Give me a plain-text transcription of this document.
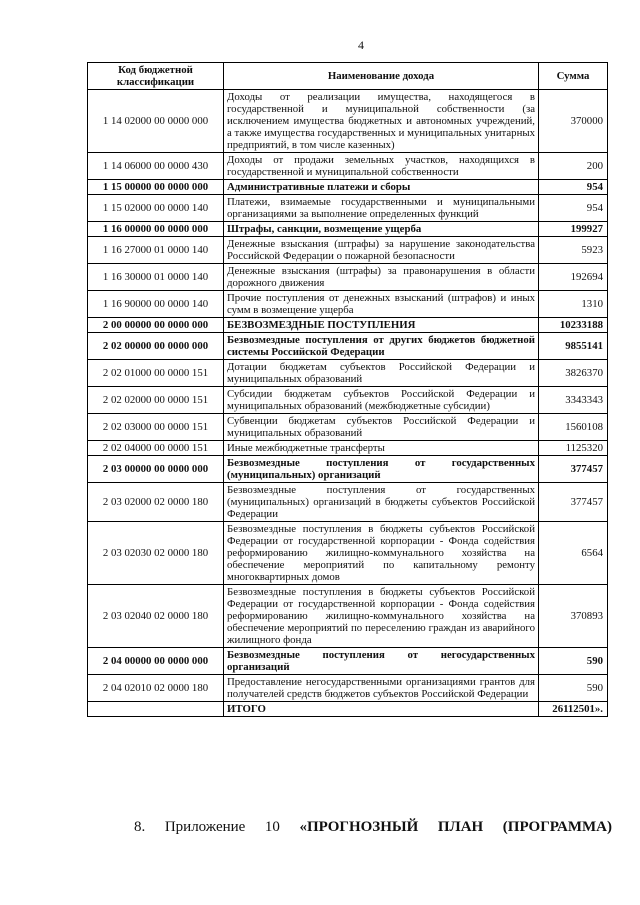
4
Код бюджетной классификации	Наименование дохода	Сумма
1 14 02000 00 0000 000	Доходы от реализации имущества, находящегося в государственной и муниципальной собственности (за исключением имущества бюджетных и автономных учреждений, а также имущества государственных и муниципальных унитарных предприятий, в том числе казенных)	370000
1 14 06000 00 0000 430	Доходы от продажи земельных участков, находящихся в государственной и муниципальной собственности	200
1 15 00000 00 0000 000	Административные платежи и сборы	954
1 15 02000 00 0000 140	Платежи, взимаемые государственными и муниципальными организациями за выполнение определенных функций	954
1 16 00000 00 0000 000	Штрафы, санкции, возмещение ущерба	199927
1 16 27000 01 0000 140	Денежные взыскания (штрафы) за нарушение законодательства Российской Федерации о пожарной безопасности	5923
1 16 30000 01 0000 140	Денежные взыскания (штрафы) за правонарушения в области дорожного движения	192694
1 16 90000 00 0000 140	Прочие поступления от денежных взысканий (штрафов) и иных сумм в возмещение ущерба	1310
2 00 00000 00 0000 000	БЕЗВОЗМЕЗДНЫЕ ПОСТУПЛЕНИЯ	10233188
2 02 00000 00 0000 000	Безвозмездные поступления от других бюджетов бюджетной системы Российской Федерации	9855141
2 02 01000 00 0000 151	Дотации бюджетам субъектов Российской Федерации и муниципальных образований	3826370
2 02 02000 00 0000 151	Субсидии бюджетам субъектов Российской Федерации и муниципальных образований (межбюджетные субсидии)	3343343
2 02 03000 00 0000 151	Субвенции бюджетам субъектов Российской Федерации и муниципальных образований	1560108
2 02 04000 00 0000 151	Иные межбюджетные трансферты	1125320
2 03 00000 00 0000 000	Безвозмездные поступления от государственных (муниципальных) организаций	377457
2 03 02000 02 0000 180	Безвозмездные поступления от государственных (муниципальных) организаций в бюджеты субъектов Российской Федерации	377457
2 03 02030 02 0000 180	Безвозмездные поступления в бюджеты субъектов Российской Федерации от государственной корпорации - Фонда содействия реформированию жилищно-коммунального хозяйства на обеспечение мероприятий по капитальному ремонту многоквартирных домов	6564
2 03 02040 02 0000 180	Безвозмездные поступления в бюджеты субъектов Российской Федерации от государственной корпорации - Фонда содействия реформированию жилищно-коммунального хозяйства на обеспечение мероприятий по переселению граждан из аварийного жилищного фонда	370893
2 04 00000 00 0000 000	Безвозмездные поступления от негосударственных организаций	590
2 04 02010 02 0000 180	Предоставление негосударственными организациями грантов для получателей средств бюджетов субъектов Российской Федерации	590
	ИТОГО	26112501».
8. Приложение 10 «ПРОГНОЗНЫЙ ПЛАН (ПРОГРАММА)
